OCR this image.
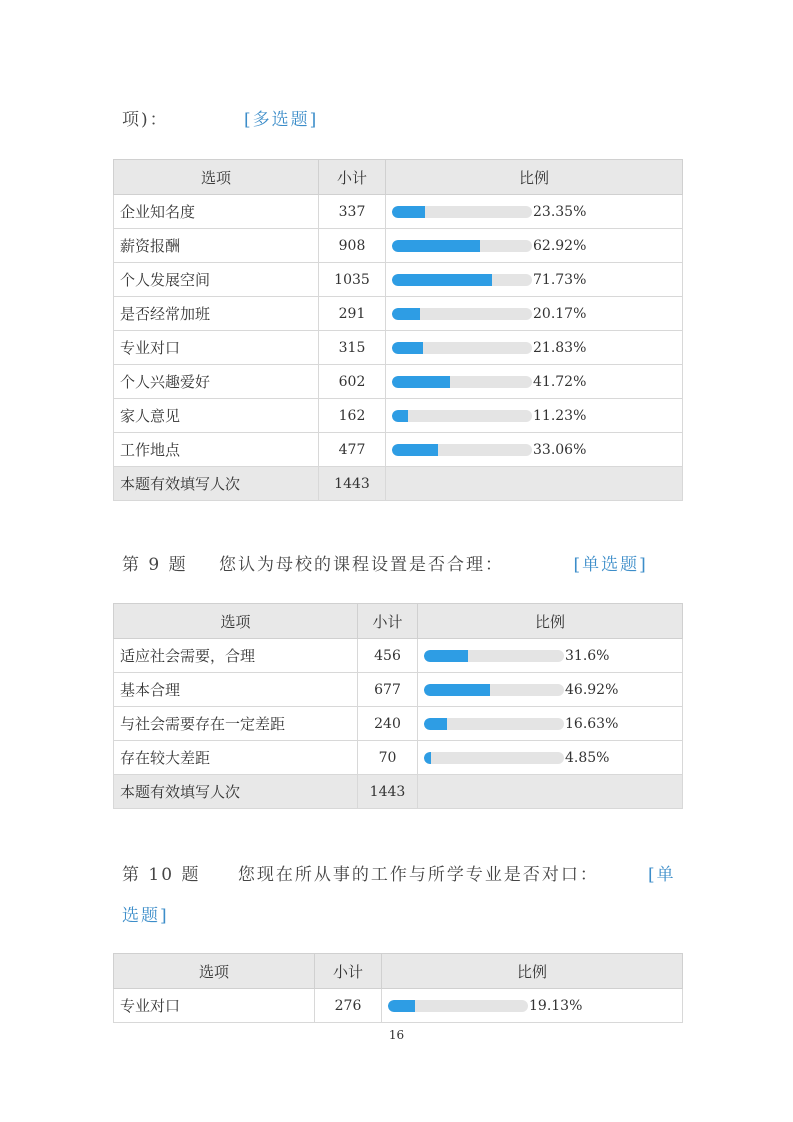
项)：	[多选题]
选项	小计	比例
企业知名度	337	23.35%
薪资报酬	908	62.92%
个人发展空间	1035	71.73%
是否经常加班	291	20.17%
专业对口	315	21.83%
个人兴趣爱好	602	41.72%
家人意见	162	11.23%
工作地点	477	33.06%
本题有效填写人次	1443	
第 9 题 您认为母校的课程设置是否合理：	[单选题]
选项	小计	比例
适应社会需要，合理	456	31.6%
基本合理	677	46.92%
与社会需要存在一定差距	240	16.63%
存在较大差距	70	4.85%
本题有效填写人次	1443	
第 10 题 您现在所从事的工作与所学专业是否对口：	[单
选题]
选项	小计	比例
专业对口	276	19.13%
16
